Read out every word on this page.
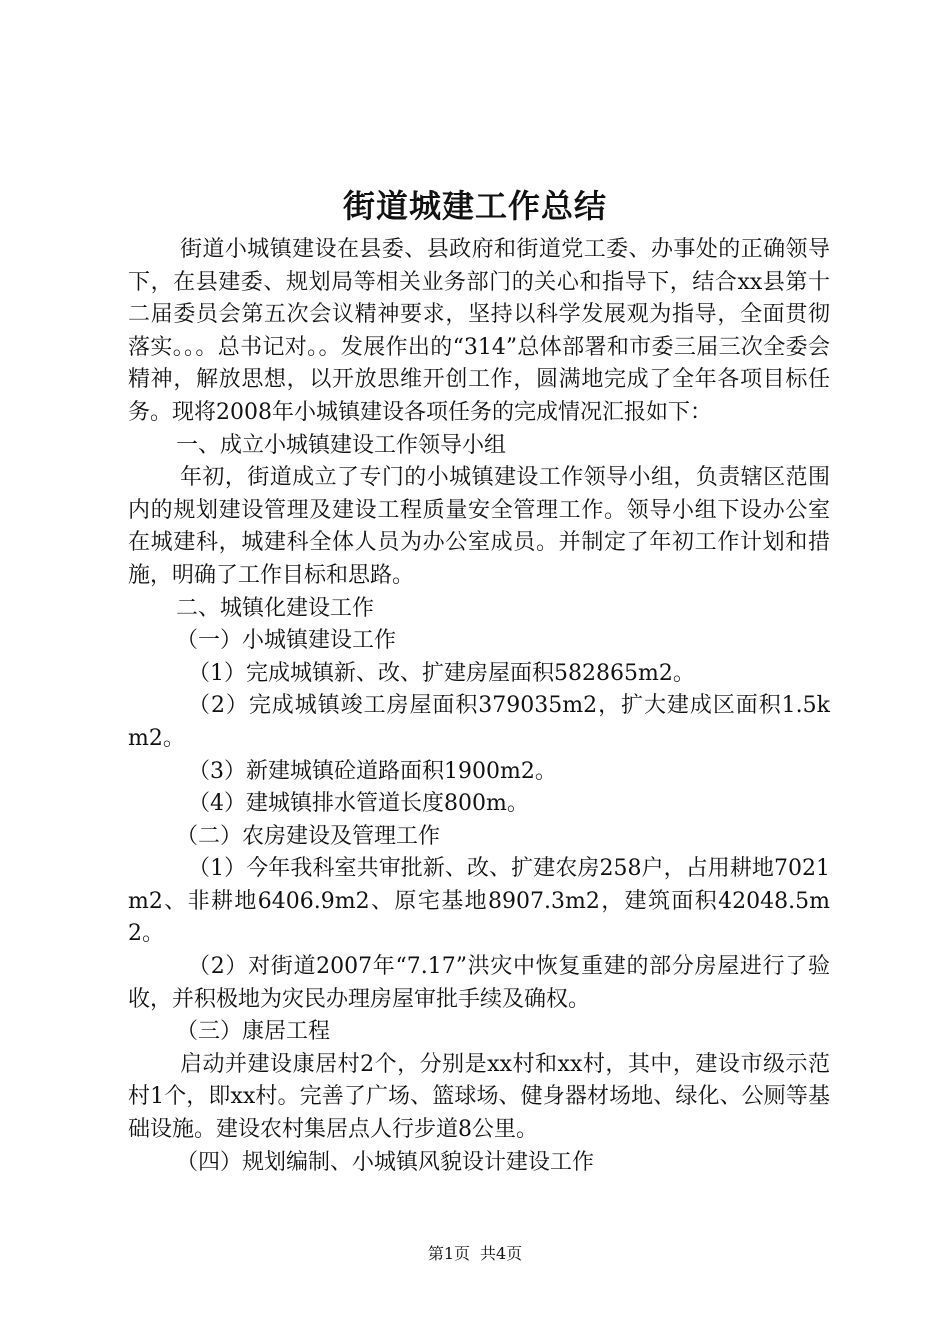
街道城建工作总结

街道小城镇建设在县委、县政府和街道党工委、办事处的正确领导下，在县建委、规划局等相关业务部门的关心和指导下，结合xx县第十二届委员会第五次会议精神要求，坚持以科学发展观为指导，全面贯彻落实。。。总书记对。。发展作出的“314”总体部署和市委三届三次全委会精神，解放思想，以开放思维开创工作，圆满地完成了全年各项目标任务。现将2008年小城镇建设各项任务的完成情况汇报如下：

一、成立小城镇建设工作领导小组

年初，街道成立了专门的小城镇建设工作领导小组，负责辖区范围内的规划建设管理及建设工程质量安全管理工作。领导小组下设办公室在城建科，城建科全体人员为办公室成员。并制定了年初工作计划和措施，明确了工作目标和思路。

二、城镇化建设工作

（一）小城镇建设工作

（1）完成城镇新、改、扩建房屋面积582865m2。

（2）完成城镇竣工房屋面积379035m2，扩大建成区面积1.5km2。

（3）新建城镇砼道路面积1900m2。

（4）建城镇排水管道长度800m。

（二）农房建设及管理工作

（1）今年我科室共审批新、改、扩建农房258户，占用耕地7021m2、非耕地6406.9m2、原宅基地8907.3m2，建筑面积42048.5m2。

（2）对街道2007年“7.17”洪灾中恢复重建的部分房屋进行了验收，并积极地为灾民办理房屋审批手续及确权。

（三）康居工程

启动并建设康居村2个，分别是xx村和xx村，其中，建设市级示范村1个，即xx村。完善了广场、篮球场、健身器材场地、绿化、公厕等基础设施。建设农村集居点人行步道8公里。

（四）规划编制、小城镇风貌设计建设工作

第1页 共4页
